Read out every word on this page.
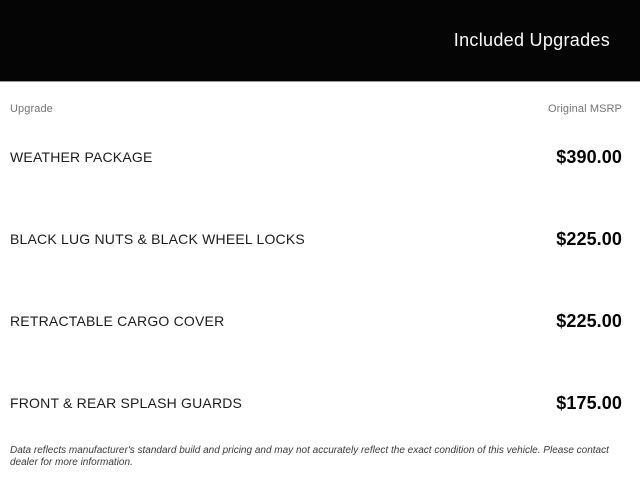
Included Upgrades
Upgrade	Original MSRP
WEATHER PACKAGE	$390.00
BLACK LUG NUTS & BLACK WHEEL LOCKS	$225.00
RETRACTABLE CARGO COVER	$225.00
FRONT & REAR SPLASH GUARDS	$175.00
Data reflects manufacturer's standard build and pricing and may not accurately reflect the exact condition of this vehicle. Please contact dealer for more information.
